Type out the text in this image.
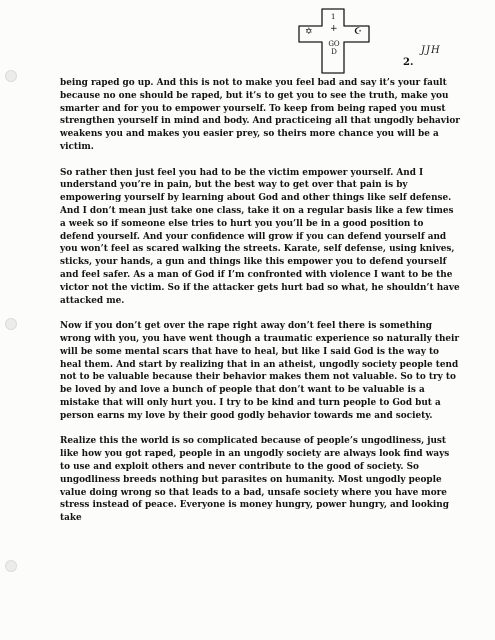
1
+
✡	☪
GOD	JJH
2.

being raped go up. And this is not to make you feel bad and say it’s your fault because no one should be raped, but it’s to get you to see the truth, make you smarter and for you to empower yourself. To keep from being raped you must strengthen yourself in mind and body. And practiceing all that ungodly behavior weakens you and makes you easier prey, so theirs more chance you will be a victim.

So rather then just feel you had to be the victim empower yourself. And I understand you’re in pain, but the best way to get over that pain is by empowering yourself by learning about God and other things like self defense. And I don’t mean just take one class, take it on a regular basis like a few times a week so if someone else tries to hurt you you’ll be in a good position to defend yourself. And your confidence will grow if you can defend yourself and you won’t feel as scared walking the streets. Karate, self defense, using knives, sticks, your hands, a gun and things like this empower you to defend yourself and feel safer. As a man of God if I’m confronted with violence I want to be the victor not the victim. So if the attacker gets hurt bad so what, he shouldn’t have attacked me.

Now if you don’t get over the rape right away don’t feel there is something wrong with you, you have went though a traumatic experience so naturally their will be some mental scars that have to heal, but like I said God is the way to heal them. And start by realizing that in an atheist, ungodly society people tend not to be valuable because their behavior makes them not valuable. So to try to be loved by and love a bunch of people that don’t want to be valuable is a mistake that will only hurt you. I try to be kind and turn people to God but a person earns my love by their good godly behavior towards me and society.

Realize this the world is so complicated because of people’s ungodliness, just like how you got raped, people in an ungodly society are always look find ways to use and exploit others and never contribute to the good of society. So ungodliness breeds nothing but parasites on humanity. Most ungodly people value doing wrong so that leads to a bad, unsafe society where you have more stress instead of peace. Everyone is money hungry, power hungry, and looking take
